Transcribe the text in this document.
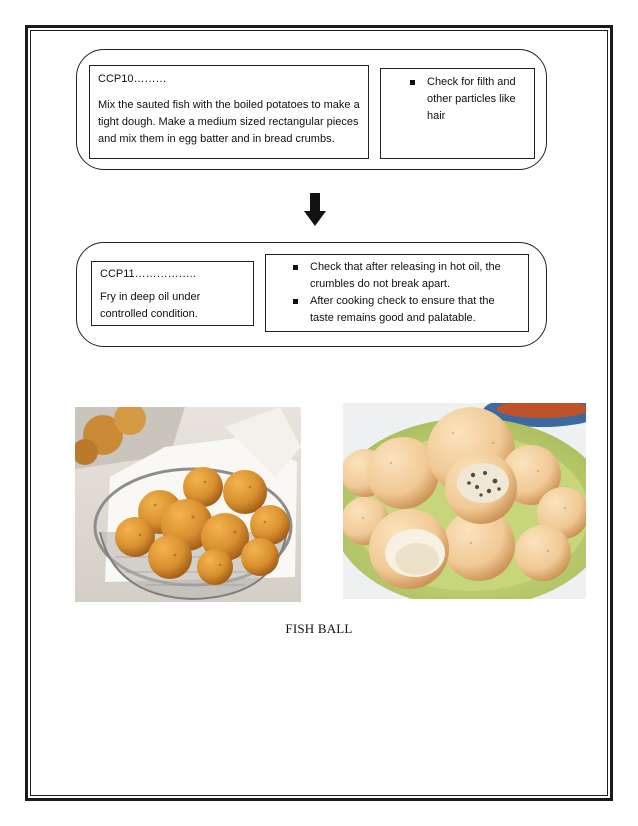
CCP10………
Mix the sauted fish with the boiled potatoes to make a tight dough. Make a medium sized rectangular pieces and mix them in egg batter and in bread crumbs.
Check for filth and other particles like hair
CCP11……………..
Fry in deep oil under controlled condition.
Check that after releasing in hot oil, the crumbles do not break apart.
After cooking check to ensure that the taste remains good and palatable.
FISH BALL
